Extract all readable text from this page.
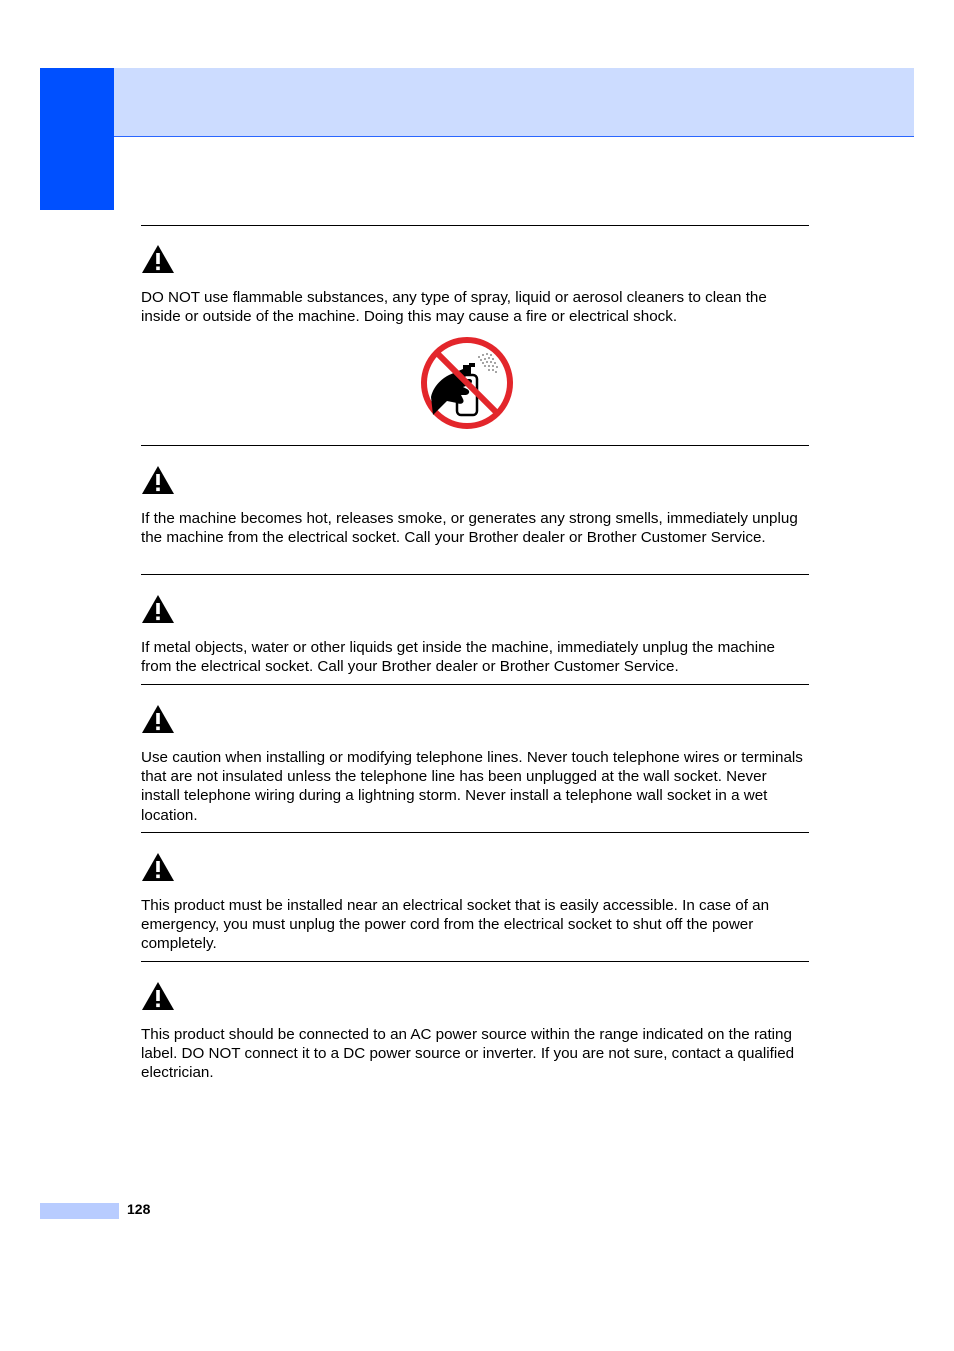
DO NOT use flammable substances, any type of spray, liquid or aerosol cleaners to clean the inside or outside of the machine. Doing this may cause a fire or electrical shock.

If the machine becomes hot, releases smoke, or generates any strong smells, immediately unplug the machine from the electrical socket. Call your Brother dealer or Brother Customer Service.

If metal objects, water or other liquids get inside the machine, immediately unplug the machine from the electrical socket. Call your Brother dealer or Brother Customer Service.

Use caution when installing or modifying telephone lines. Never touch telephone wires or terminals that are not insulated unless the telephone line has been unplugged at the wall socket. Never install telephone wiring during a lightning storm. Never install a telephone wall socket in a wet location.

This product must be installed near an electrical socket that is easily accessible. In case of an emergency, you must unplug the power cord from the electrical socket to shut off the power completely.

This product should be connected to an AC power source within the range indicated on the rating label. DO NOT connect it to a DC power source or inverter. If you are not sure, contact a qualified electrician.

128
